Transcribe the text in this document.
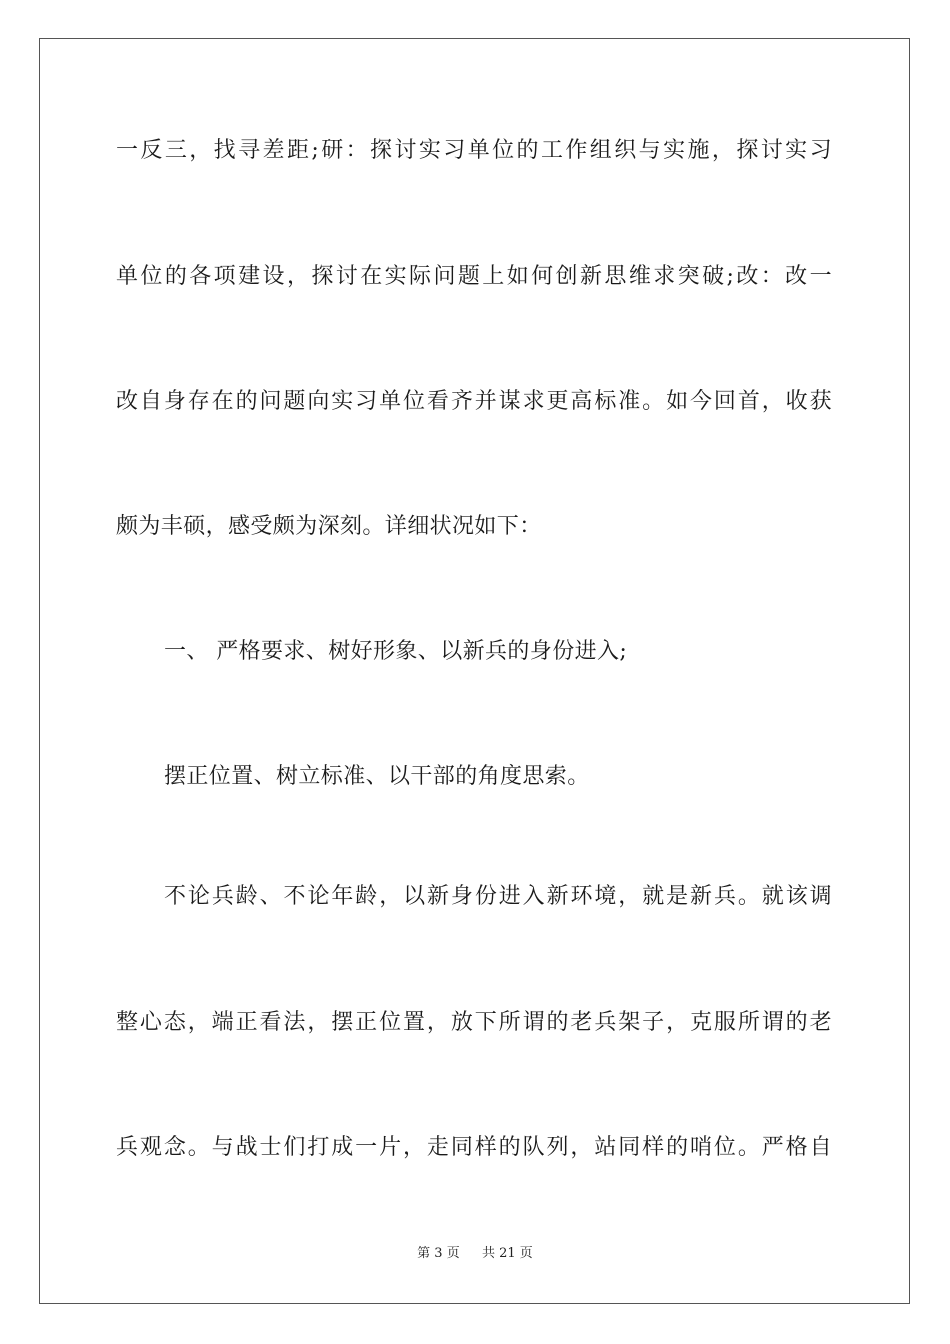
一反三，找寻差距;研：探讨实习单位的工作组织与实施，探讨实习
单位的各项建设，探讨在实际问题上如何创新思维求突破;改：改一
改自身存在的问题向实习单位看齐并谋求更高标准。如今回首，收获
颇为丰硕，感受颇为深刻。详细状况如下：
一、 严格要求、树好形象、以新兵的身份进入;
摆正位置、树立标准、以干部的角度思索。
不论兵龄、不论年龄，以新身份进入新环境，就是新兵。就该调
整心态，端正看法，摆正位置，放下所谓的老兵架子，克服所谓的老
兵观念。与战士们打成一片，走同样的队列，站同样的哨位。严格自
第 3 页 共 21 页
